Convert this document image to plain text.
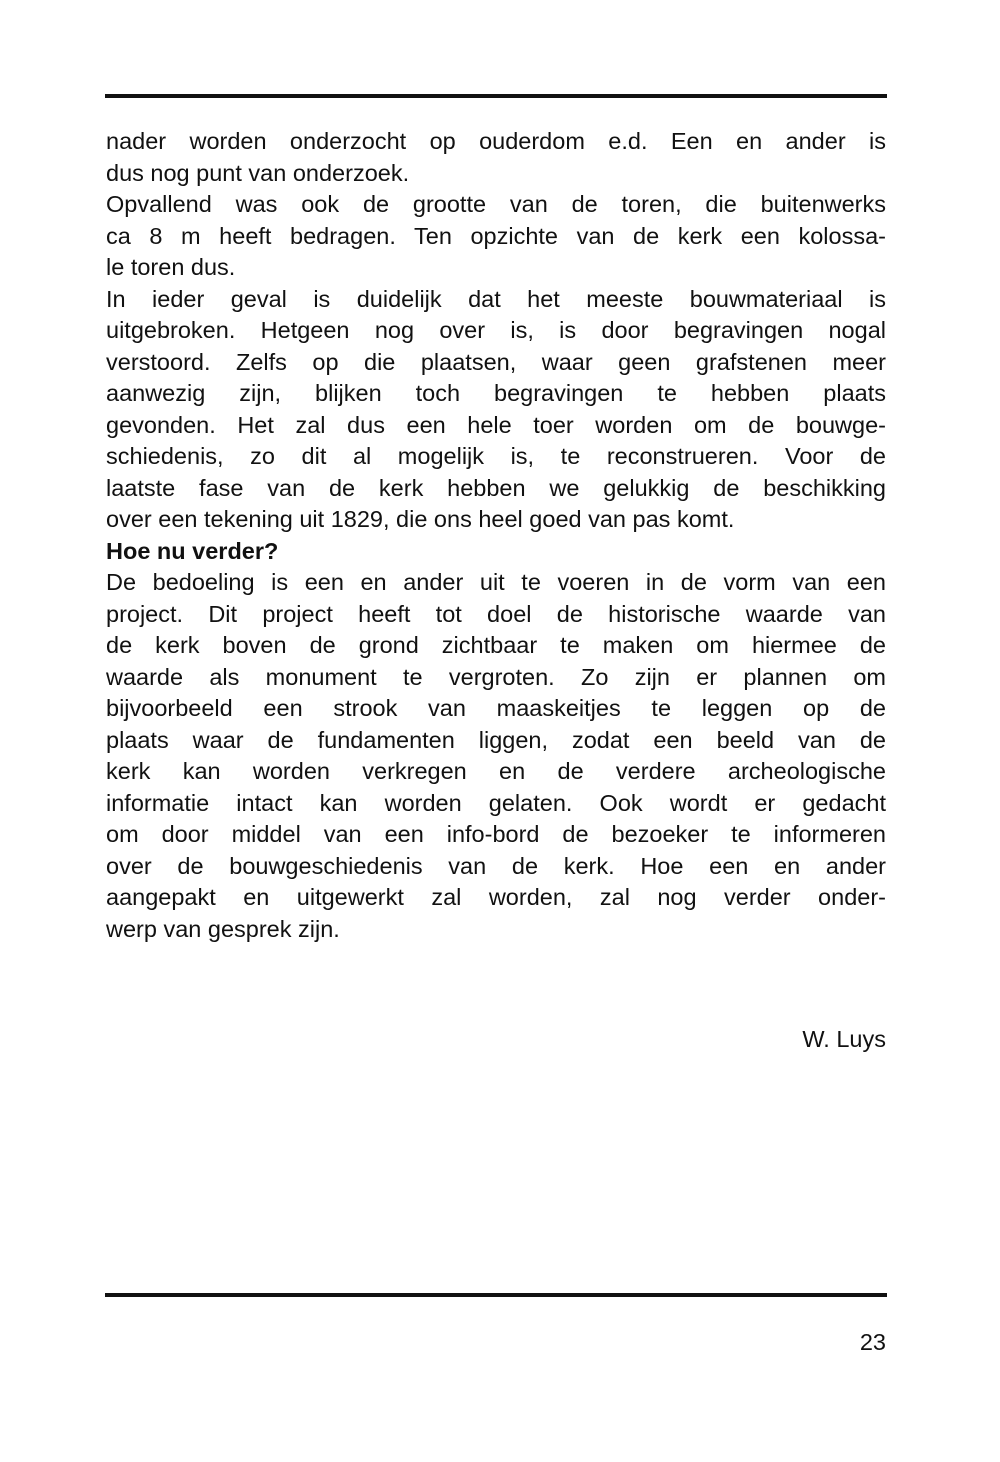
nader worden onderzocht op ouderdom e.d. Een en ander is
dus nog punt van onderzoek.

Opvallend was ook de grootte van de toren, die buitenwerks
ca 8 m heeft bedragen. Ten opzichte van de kerk een kolossa-
le toren dus.

In ieder geval is duidelijk dat het meeste bouwmateriaal is
uitgebroken. Hetgeen nog over is, is door begravingen nogal
verstoord. Zelfs op die plaatsen, waar geen grafstenen meer
aanwezig zijn, blijken toch begravingen te hebben plaats
gevonden. Het zal dus een hele toer worden om de bouwge-
schiedenis, zo dit al mogelijk is, te reconstrueren. Voor de
laatste fase van de kerk hebben we gelukkig de beschikking
over een tekening uit 1829, die ons heel goed van pas komt.

Hoe nu verder?

De bedoeling is een en ander uit te voeren in de vorm van een
project. Dit project heeft tot doel de historische waarde van
de kerk boven de grond zichtbaar te maken om hiermee de
waarde als monument te vergroten. Zo zijn er plannen om
bijvoorbeeld een strook van maaskeitjes te leggen op de
plaats waar de fundamenten liggen, zodat een beeld van de
kerk kan worden verkregen en de verdere archeologische
informatie intact kan worden gelaten. Ook wordt er gedacht
om door middel van een info-bord de bezoeker te informeren
over de bouwgeschiedenis van de kerk. Hoe een en ander
aangepakt en uitgewerkt zal worden, zal nog verder onder-
werp van gesprek zijn.

W. Luys
23
